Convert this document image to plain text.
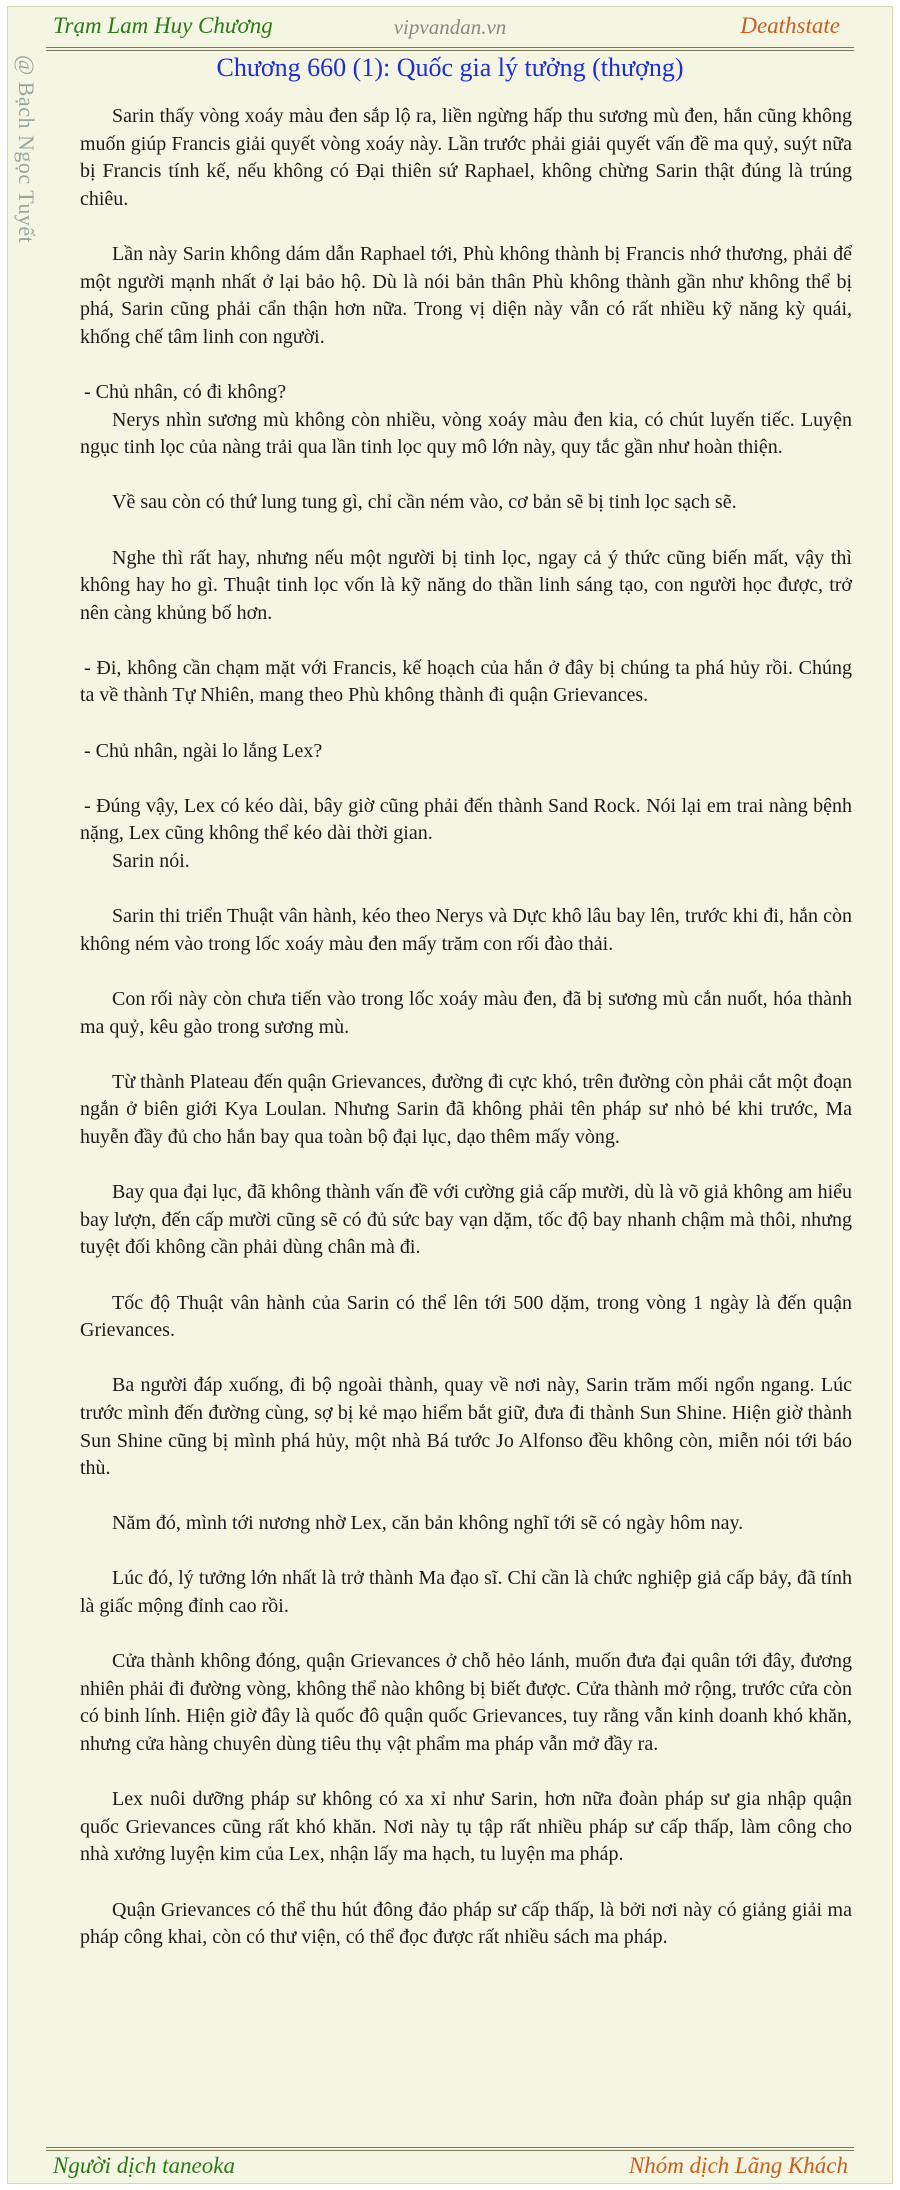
Trạm Lam Huy Chương	vipvandan.vn	Deathstate
@ Bạch Ngọc Tuyết	Chương 660 (1): Quốc gia lý tưởng (thượng)

Sarin thấy vòng xoáy màu đen sắp lộ ra, liền ngừng hấp thu sương mù đen, hắn cũng không muốn giúp Francis giải quyết vòng xoáy này. Lần trước phải giải quyết vấn đề ma quỷ, suýt nữa bị Francis tính kế, nếu không có Đại thiên sứ Raphael, không chừng Sarin thật đúng là trúng chiêu.

Lần này Sarin không dám dẫn Raphael tới, Phù không thành bị Francis nhớ thương, phải để một người mạnh nhất ở lại bảo hộ. Dù là nói bản thân Phù không thành gần như không thể bị phá, Sarin cũng phải cẩn thận hơn nữa. Trong vị diện này vẫn có rất nhiều kỹ năng kỳ quái, khống chế tâm linh con người.

- Chủ nhân, có đi không?

Nerys nhìn sương mù không còn nhiều, vòng xoáy màu đen kia, có chút luyến tiếc. Luyện ngục tinh lọc của nàng trải qua lần tinh lọc quy mô lớn này, quy tắc gần như hoàn thiện.

Về sau còn có thứ lung tung gì, chỉ cần ném vào, cơ bản sẽ bị tinh lọc sạch sẽ.

Nghe thì rất hay, nhưng nếu một người bị tinh lọc, ngay cả ý thức cũng biến mất, vậy thì không hay ho gì. Thuật tinh lọc vốn là kỹ năng do thần linh sáng tạo, con người học được, trở nên càng khủng bố hơn.

- Đi, không cần chạm mặt với Francis, kế hoạch của hắn ở đây bị chúng ta phá hủy rồi. Chúng ta về thành Tự Nhiên, mang theo Phù không thành đi quận Grievances.

- Chủ nhân, ngài lo lắng Lex?

- Đúng vậy, Lex có kéo dài, bây giờ cũng phải đến thành Sand Rock. Nói lại em trai nàng bệnh nặng, Lex cũng không thể kéo dài thời gian.

Sarin nói.

Sarin thi triển Thuật vân hành, kéo theo Nerys và Dực khô lâu bay lên, trước khi đi, hắn còn không ném vào trong lốc xoáy màu đen mấy trăm con rối đào thải.

Con rối này còn chưa tiến vào trong lốc xoáy màu đen, đã bị sương mù cắn nuốt, hóa thành ma quỷ, kêu gào trong sương mù.

Từ thành Plateau đến quận Grievances, đường đi cực khó, trên đường còn phải cắt một đoạn ngắn ở biên giới Kya Loulan. Nhưng Sarin đã không phải tên pháp sư nhỏ bé khi trước, Ma huyễn đầy đủ cho hắn bay qua toàn bộ đại lục, dạo thêm mấy vòng.

Bay qua đại lục, đã không thành vấn đề với cường giả cấp mười, dù là võ giả không am hiểu bay lượn, đến cấp mười cũng sẽ có đủ sức bay vạn dặm, tốc độ bay nhanh chậm mà thôi, nhưng tuyệt đối không cần phải dùng chân mà đi.

Tốc độ Thuật vân hành của Sarin có thể lên tới 500 dặm, trong vòng 1 ngày là đến quận Grievances.

Ba người đáp xuống, đi bộ ngoài thành, quay về nơi này, Sarin trăm mối ngổn ngang. Lúc trước mình đến đường cùng, sợ bị kẻ mạo hiểm bắt giữ, đưa đi thành Sun Shine. Hiện giờ thành Sun Shine cũng bị mình phá hủy, một nhà Bá tước Jo Alfonso đều không còn, miễn nói tới báo thù.

Năm đó, mình tới nương nhờ Lex, căn bản không nghĩ tới sẽ có ngày hôm nay.

Lúc đó, lý tưởng lớn nhất là trở thành Ma đạo sĩ. Chỉ cần là chức nghiệp giả cấp bảy, đã tính là giấc mộng đỉnh cao rồi.

Cửa thành không đóng, quận Grievances ở chỗ hẻo lánh, muốn đưa đại quân tới đây, đương nhiên phải đi đường vòng, không thể nào không bị biết được. Cửa thành mở rộng, trước cửa còn có binh lính. Hiện giờ đây là quốc đô quận quốc Grievances, tuy rằng vẫn kinh doanh khó khăn, nhưng cửa hàng chuyên dùng tiêu thụ vật phẩm ma pháp vẫn mở đầy ra.

Lex nuôi dưỡng pháp sư không có xa xỉ như Sarin, hơn nữa đoàn pháp sư gia nhập quận quốc Grievances cũng rất khó khăn. Nơi này tụ tập rất nhiều pháp sư cấp thấp, làm công cho nhà xưởng luyện kim của Lex, nhận lấy ma hạch, tu luyện ma pháp.

Quận Grievances có thể thu hút đông đảo pháp sư cấp thấp, là bởi nơi này có giảng giải ma pháp công khai, còn có thư viện, có thể đọc được rất nhiều sách ma pháp.

Người dịch taneoka	Nhóm dịch Lãng Khách
